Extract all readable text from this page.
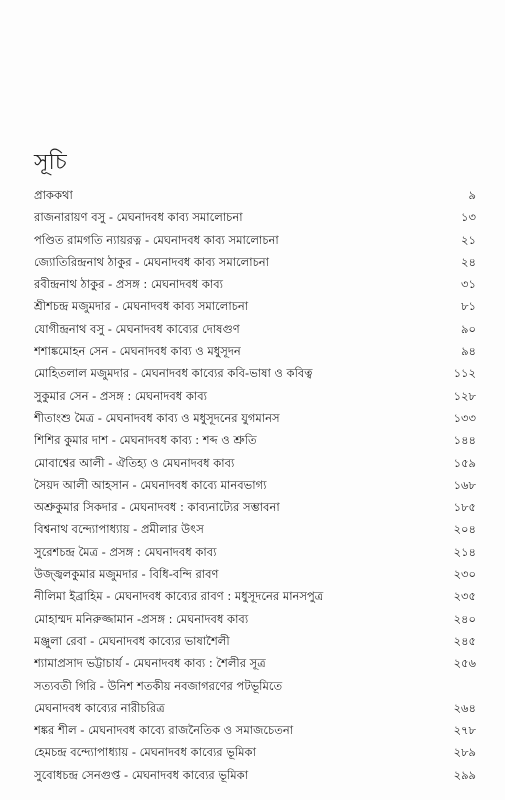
সূচি
প্রাককথা	৯
রাজনারায়ণ বসু - মেঘনাদবধ কাব্য সমালোচনা	১৩
পণ্ডিত রামগতি ন্যায়রত্ন - মেঘনাদবধ কাব্য সমালোচনা	২১
জ্যোতিরিন্দ্রনাথ ঠাকুর - মেঘনাদবধ কাব্য সমালোচনা	২৪
রবীন্দ্রনাথ ঠাকুর - প্রসঙ্গ : মেঘনাদবধ কাব্য	৩১
শ্রীশচন্দ্র মজুমদার - মেঘনাদবধ কাব্য সমালোচনা	৮১
যোগীন্দ্রনাথ বসু - মেঘনাদবধ কাব্যের দোষগুণ	৯০
শশাঙ্কমোহন সেন - মেঘনাদবধ কাব্য ও মধুসূদন	৯৪
মোহিতলাল মজুমদার - মেঘনাদবধ কাব্যের কবি-ভাষা ও কবিত্ব	১১২
সুকুমার সেন - প্রসঙ্গ : মেঘনাদবধ কাব্য	১২৮
শীতাংশু মৈত্র - মেঘনাদবধ কাব্য ও মধুসূদনের যুগমানস	১৩৩
শিশির কুমার দাশ - মেঘনাদবধ কাব্য : শব্দ ও শ্রুতি	১৪৪
মোবাশ্বের আলী - ঐতিহ্য ও মেঘনাদবধ কাব্য	১৫৯
সৈয়দ আলী আহসান - মেঘনাদবধ কাব্যে মানবভাগ্য	১৬৮
অশ্রুকুমার সিকদার - মেঘনাদবধ : কাব্যনাট্যের সম্ভাবনা	১৮৫
বিশ্বনাথ বন্দ্যোপাধ্যায় - প্রমীলার উৎস	২০৪
সুরেশচন্দ্র মৈত্র - প্রসঙ্গ : মেঘনাদবধ কাব্য	২১৪
উজ্জ্বলকুমার মজুমদার - বিধি-বন্দি রাবণ	২৩০
নীলিমা ইব্রাহিম - মেঘনাদবধ কাব্যের রাবণ : মধুসূদনের মানসপুত্র	২৩৫
মোহাম্মদ মনিরুজ্জামান -প্রসঙ্গ : মেঘনাদবধ কাব্য	২৪০
মঞ্জুলা রেবা - মেঘনাদবধ কাব্যের ভাষাশৈলী	২৪৫
শ্যামাপ্রসাদ ভট্টাচার্য - মেঘনাদবধ কাব্য : শৈলীর সূত্র	২৫৬
সত্যবতী গিরি - উনিশ শতকীয় নবজাগরণের পটভূমিতে
মেঘনাদবধ কাব্যের নারীচরিত্র	২৬৪
শঙ্কর শীল - মেঘনাদবধ কাব্যে রাজনৈতিক ও সমাজচেতনা	২৭৮
হেমচন্দ্র বন্দ্যোপাধ্যায় - মেঘনাদবধ কাব্যের ভূমিকা	২৮৯
সুবোধচন্দ্র সেনগুপ্ত - মেঘনাদবধ কাব্যের ভূমিকা	২৯৯
